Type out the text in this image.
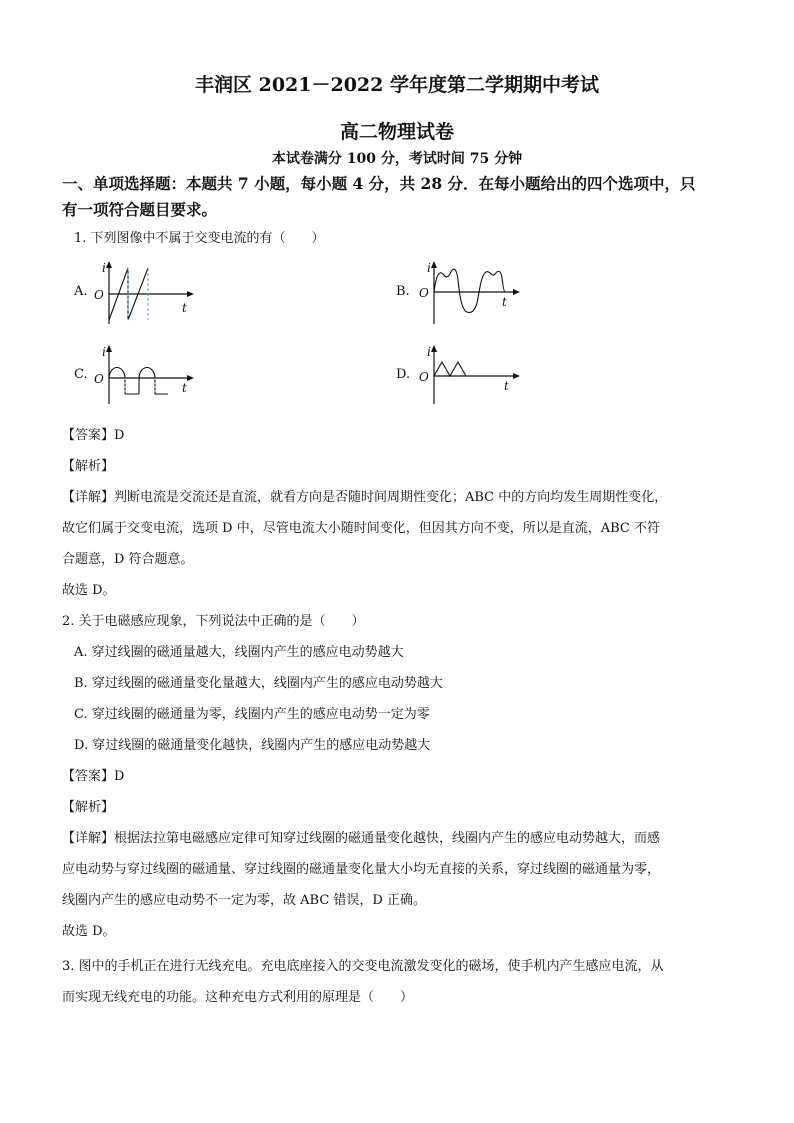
丰润区 2021－2022 学年度第二学期期中考试
高二物理试卷
本试卷满分 100 分，考试时间 75 分钟
一、单项选择题：本题共 7 小题，每小题 4 分，共 28 分．在每小题给出的四个选项中，只
有一项符合题目要求。
1. 下列图像中不属于交变电流的有（　　）
A.
i
O
t
B.
i
O
t
C.
i
O
t
D.
i
O
t
【答案】D
【解析】
【详解】判断电流是交流还是直流，就看方向是否随时间周期性变化；ABC 中的方向均发生周期性变化，
故它们属于交变电流，选项 D 中，尽管电流大小随时间变化，但因其方向不变，所以是直流，ABC 不符
合题意，D 符合题意。
故选 D。
2. 关于电磁感应现象，下列说法中正确的是（　　）
A. 穿过线圈的磁通量越大，线圈内产生的感应电动势越大
B. 穿过线圈的磁通量变化量越大，线圈内产生的感应电动势越大
C. 穿过线圈的磁通量为零，线圈内产生的感应电动势一定为零
D. 穿过线圈的磁通量变化越快，线圈内产生的感应电动势越大
【答案】D
【解析】
【详解】根据法拉第电磁感应定律可知穿过线圈的磁通量变化越快，线圈内产生的感应电动势越大，而感
应电动势与穿过线圈的磁通量、穿过线圈的磁通量变化量大小均无直接的关系，穿过线圈的磁通量为零，
线圈内产生的感应电动势不一定为零，故 ABC 错误，D 正确。
故选 D。
3. 图中的手机正在进行无线充电。充电底座接入的交变电流激发变化的磁场，使手机内产生感应电流，从
而实现无线充电的功能。这种充电方式利用的原理是（　　）
